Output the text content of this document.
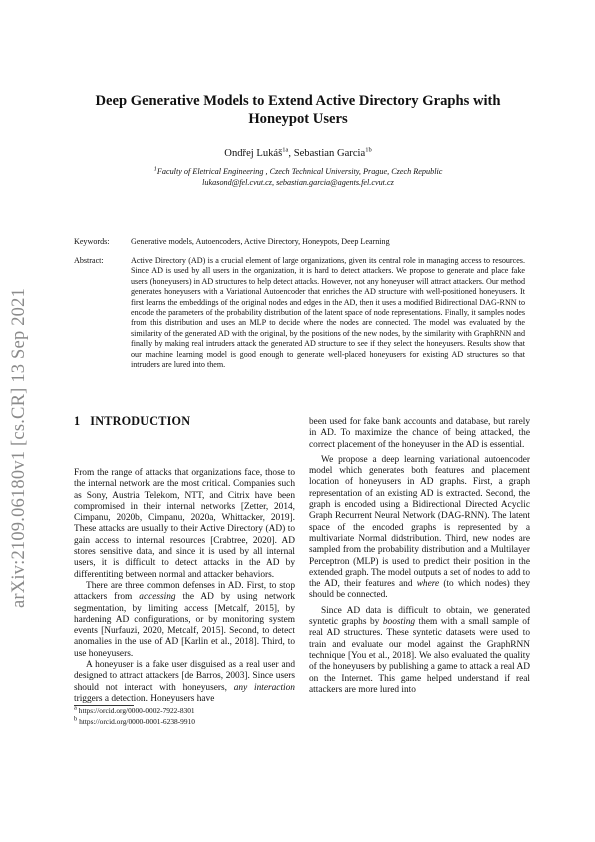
arXiv:2109.06180v1 [cs.CR] 13 Sep 2021
Deep Generative Models to Extend Active Directory Graphs with
Honeypot Users
Ondřej Lukáš$^{1a}$, Sebastian Garcia$^{1b}$
$^1$Faculty of Eletrical Engineering , Czech Technical University, Prague, Czech Republic
lukasond@fel.cvut.cz, sebastian.garcia@agents.fel.cvut.cz
Keywords:	Generative models, Autoencoders, Active Directory, Honeypots, Deep Learning
Abstract:	Active Directory (AD) is a crucial element of large organizations, given its central role in managing access to resources. Since AD is used by all users in the organization, it is hard to detect attackers. We propose to generate and place fake users (honeyusers) in AD structures to help detect attacks. However, not any honeyuser will attract attackers. Our method generates honeyusers with a Variational Autoencoder that enriches the AD structure with well-positioned honeyusers. It first learns the embeddings of the original nodes and edges in the AD, then it uses a modified Bidirectional DAG-RNN to encode the parameters of the probability distribution of the latent space of node representations. Finally, it samples nodes from this distribution and uses an MLP to decide where the nodes are connected. The model was evaluated by the similarity of the generated AD with the original, by the positions of the new nodes, by the similarity with GraphRNN and finally by making real intruders attack the generated AD structure to see if they select the honeyusers. Results show that our machine learning model is good enough to generate well-placed honeyusers for existing AD structures so that intruders are lured into them.
1 INTRODUCTION

From the range of attacks that organizations face, those to the internal network are the most critical. Companies such as Sony, Austria Telekom, NTT, and Citrix have been compromised in their internal networks [Zetter, 2014, Cimpanu, 2020b, Cimpanu, 2020a, Whittacker, 2019]. These attacks are usually to their Active Directory (AD) to gain access to internal resources [Crabtree, 2020]. AD stores sensitive data, and since it is used by all internal users, it is difficult to detect attacks in the AD by differentiting between normal and attacker behaviors.

There are three common defenses in AD. First, to stop attackers from accessing the AD by using network segmentation, by limiting access [Metcalf, 2015], by hardening AD configurations, or by monitoring system events [Nurfauzi, 2020, Metcalf, 2015]. Second, to detect anomalies in the use of AD [Karlin et al., 2018]. Third, to use honeyusers.

A honeyuser is a fake user disguised as a real user and designed to attract attackers [de Barros, 2003]. Since users should not interact with honeyusers, any interaction triggers a detection. Honeyusers have

$^a$ https://orcid.org/0000-0002-7922-8301
$^b$ https://orcid.org/0000-0001-6238-9910

been used for fake bank accounts and database, but rarely in AD. To maximize the chance of being attacked, the correct placement of the honeyuser in the AD is essential.

We propose a deep learning variational autoencoder model which generates both features and placement location of honeyusers in AD graphs. First, a graph representation of an existing AD is extracted. Second, the graph is encoded using a Bidirectional Directed Acyclic Graph Recurrent Neural Network (DAG-RNN). The latent space of the encoded graphs is represented by a multivariate Normal didstribution. Third, new nodes are sampled from the probability distribution and a Multilayer Perceptron (MLP) is used to predict their position in the extended graph. The model outputs a set of nodes to add to the AD, their features and where (to which nodes) they should be connected.

Since AD data is difficult to obtain, we generated syntetic graphs by boosting them with a small sample of real AD structures. These syntetic datasets were used to train and evaluate our model against the GraphRNN technique [You et al., 2018]. We also evaluated the quality of the honeyusers by publishing a game to attack a real AD on the Internet. This game helped understand if real attackers are more lured into
